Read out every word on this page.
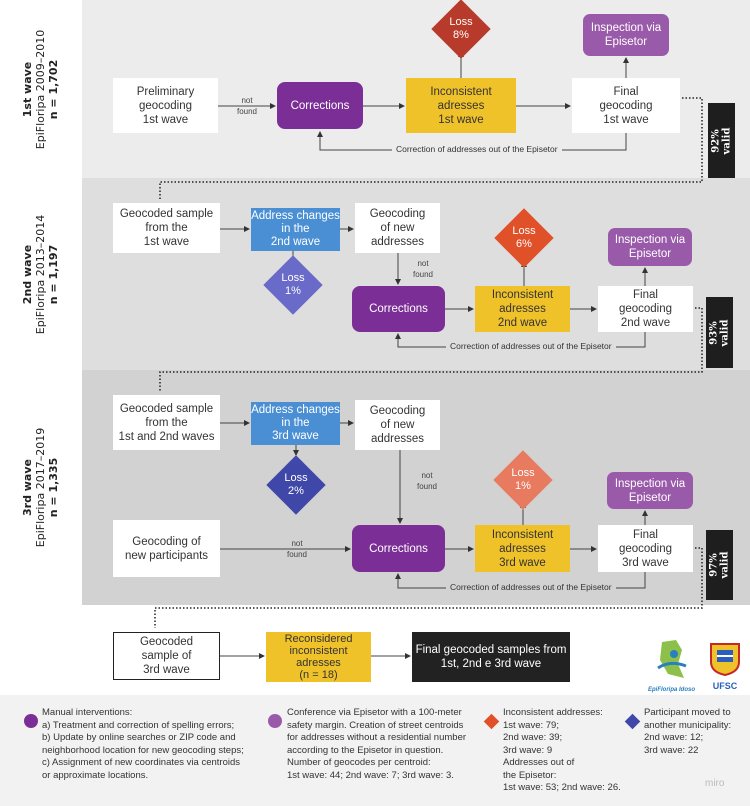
1st wave EpiFloripa 2009–2010 n = 1,702
2nd wave EpiFloripa 2013–2014 n = 1,197
3rd wave EpiFloripa 2017–2019 n = 1,335
Preliminary
geocoding
1st wave
not
found	Corrections
Inconsistent
adresses
1st wave
Final
geocoding
1st wave
Loss
8%
Inspection via
Episetor
Correction of addresses out of the Episetor	92%
valid
Geocoded sample
from the
1st wave
Address changes
in the
2nd wave
Geocoding
of new
addresses
Loss
1%
not
found
Corrections
Inconsistent
adresses
2nd wave
Final
geocoding
2nd wave
Loss
6%	Inspection via
Episetor
Correction of addresses out of the Episetor
93%
valid
Geocoded sample
from the
1st and 2nd waves
Address changes
in the
3rd wave
Geocoding
of new
addresses
Loss
2%
not
found
Geocoding of
new participants
not
found	Corrections
Inconsistent
adresses
3rd wave
Final
geocoding
3rd wave
Loss
1%	Inspection via
Episetor
Correction of addresses out of the Episetor
97%
valid
Geocoded
sample of
3rd wave
Reconsidered
inconsistent
adresses
(n = 18)
Final geocoded samples from
1st, 2nd e 3rd wave
EpiFloripa Idoso	UFSC
Manual interventions:
a) Treatment and correction of spelling errors;
b) Update by online searches or ZIP code and
neighborhood location for new geocoding steps;
c) Assignment of new coordinates via centroids
or approximate locations.
Conference via Episetor with a 100-meter
safety margin. Creation of street centroids
for addresses without a residential number
according to the Episetor in question.
Number of geocodes per centroid:
1st wave: 44; 2nd wave: 7; 3rd wave: 3.
Inconsistent addresses:
1st wave: 79;
2nd wave: 39;
3rd wave: 9
Addresses out of
the Episetor:
1st wave: 53; 2nd wave: 26.
Participant moved to
another municipality:
2nd wave: 12;
3rd wave: 22
miro
